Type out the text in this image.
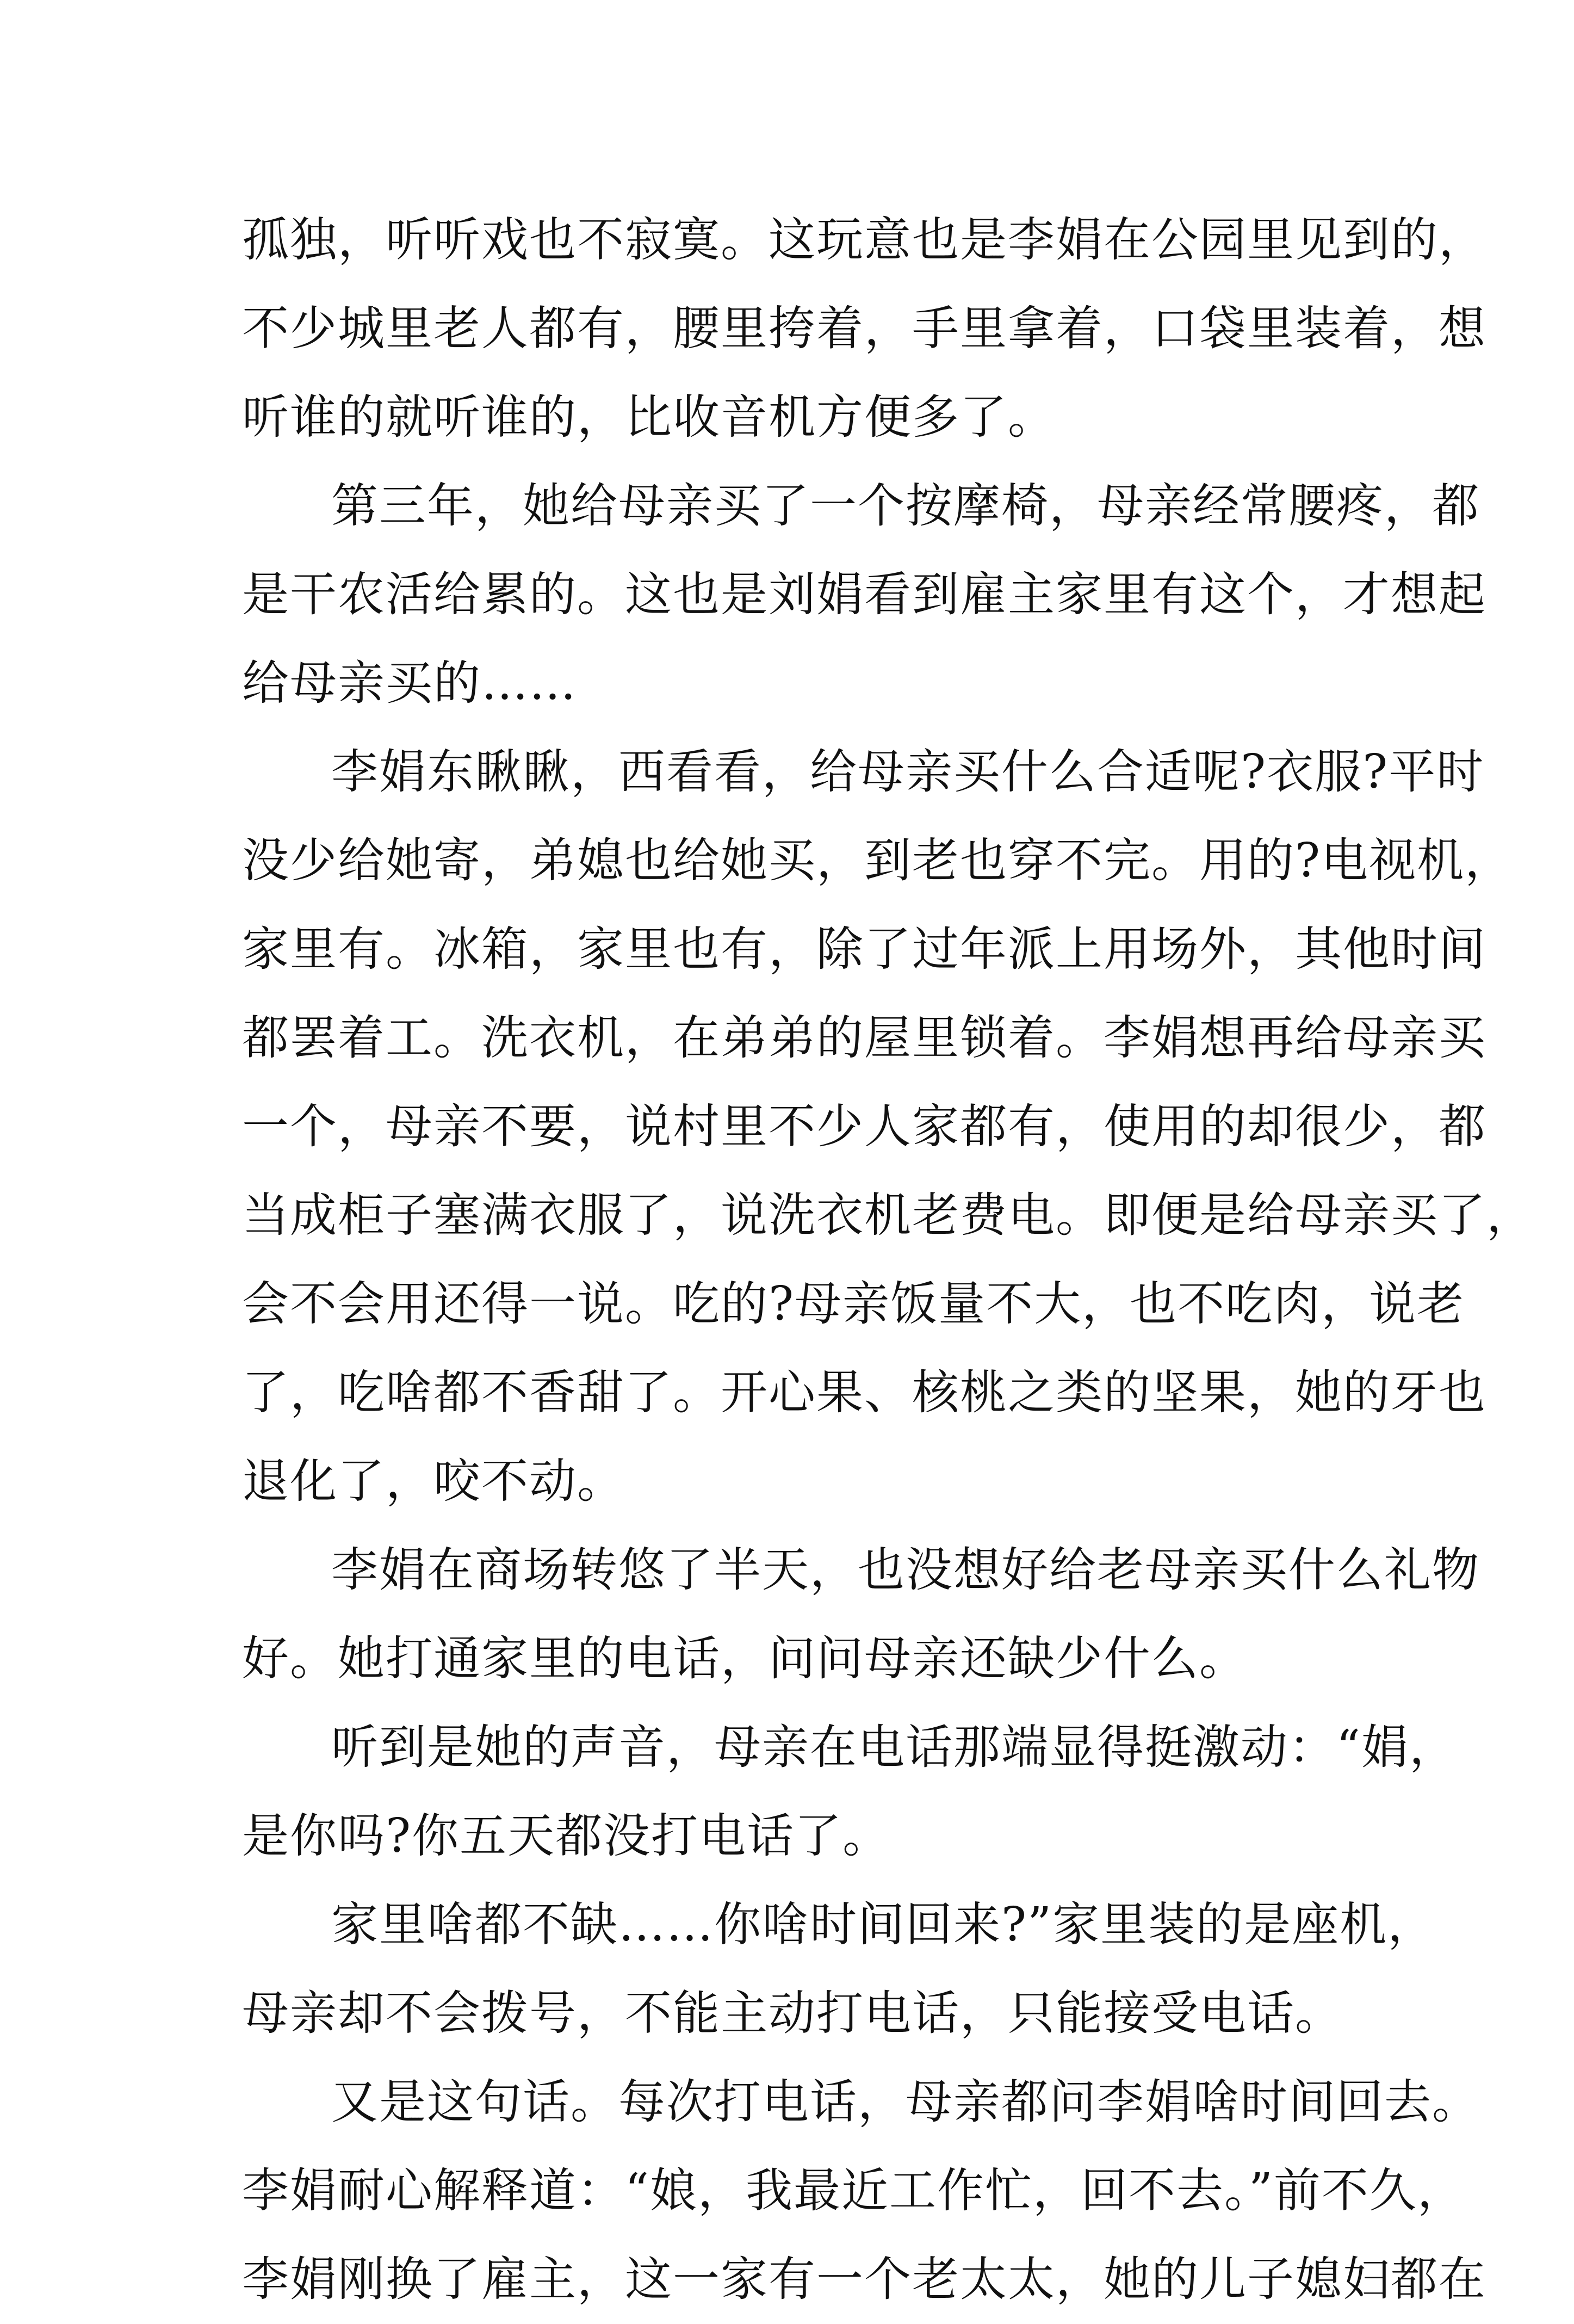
孤独，听听戏也不寂寞。这玩意也是李娟在公园里见到的，
不少城里老人都有，腰里挎着，手里拿着，口袋里装着，想
听谁的就听谁的，比收音机方便多了。
第三年，她给母亲买了一个按摩椅，母亲经常腰疼，都
是干农活给累的。这也是刘娟看到雇主家里有这个，才想起
给母亲买的……
李娟东瞅瞅，西看看，给母亲买什么合适呢?衣服?平时
没少给她寄，弟媳也给她买，到老也穿不完。用的?电视机，
家里有。冰箱，家里也有，除了过年派上用场外，其他时间
都罢着工。洗衣机，在弟弟的屋里锁着。李娟想再给母亲买
一个，母亲不要，说村里不少人家都有，使用的却很少，都
当成柜子塞满衣服了，说洗衣机老费电。即便是给母亲买了，
会不会用还得一说。吃的?母亲饭量不大，也不吃肉，说老
了，吃啥都不香甜了。开心果、核桃之类的坚果，她的牙也
退化了，咬不动。
李娟在商场转悠了半天，也没想好给老母亲买什么礼物
好。她打通家里的电话，问问母亲还缺少什么。
听到是她的声音，母亲在电话那端显得挺激动：“娟，
是你吗?你五天都没打电话了。
家里啥都不缺……你啥时间回来?”家里装的是座机，
母亲却不会拨号，不能主动打电话，只能接受电话。
又是这句话。每次打电话，母亲都问李娟啥时间回去。
李娟耐心解释道：“娘，我最近工作忙，回不去。”前不久，
李娟刚换了雇主，这一家有一个老太太，她的儿子媳妇都在
